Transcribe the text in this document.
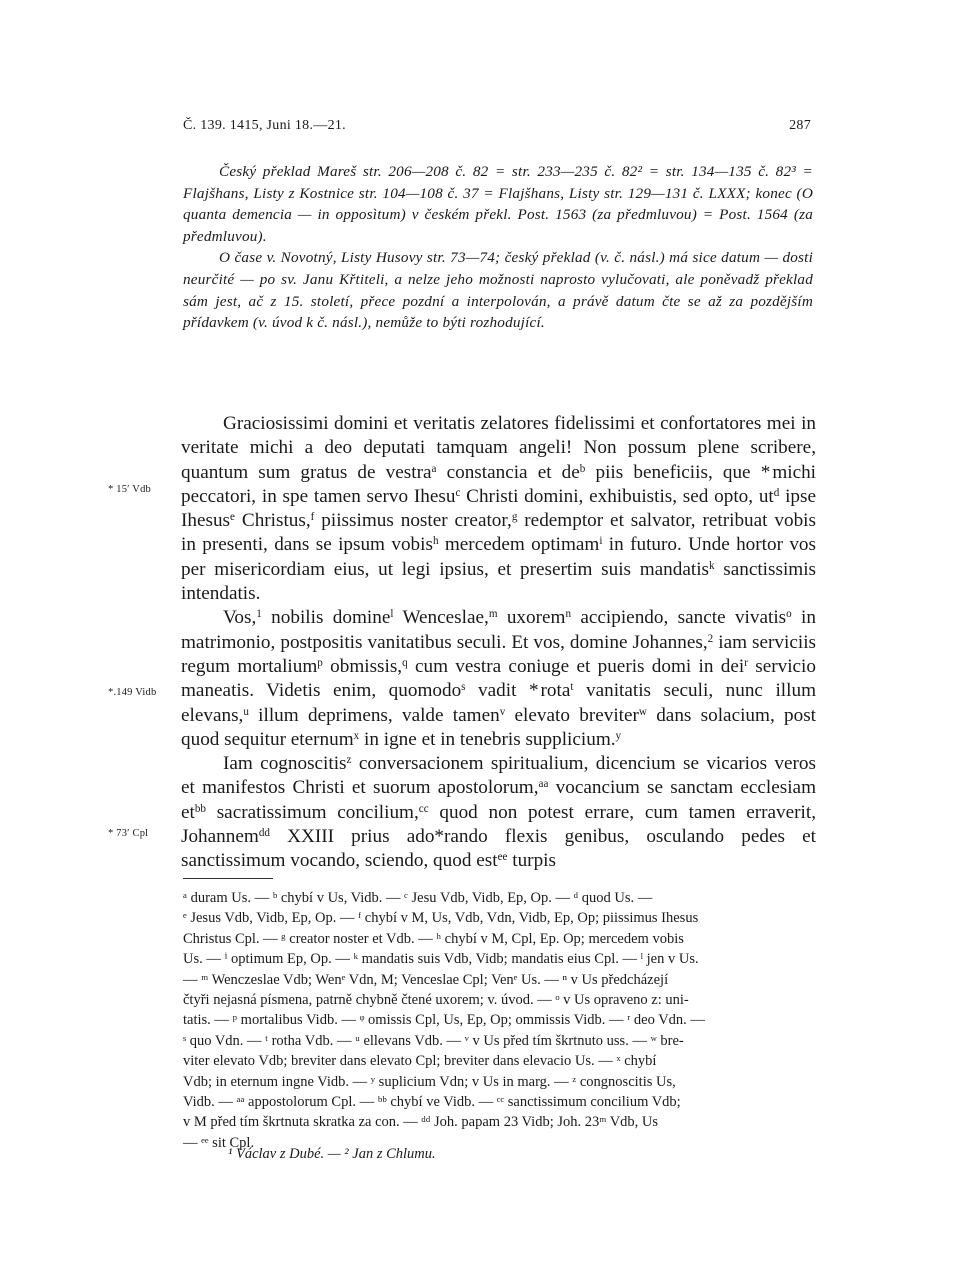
Č. 139. 1415, Juni 18.—21.	287

Český překlad Mareš str. 206—208 č. 82 = str. 233—235 č. 82² = str. 134—135 č. 82³ = Flajšhans, Listy z Kostnice str. 104—108 č. 37 = Flajšhans, Listy str. 129—131 č. LXXX; konec (O quanta demencia — in opposìtum) v českém překl. Post. 1563 (za předmluvou) = Post. 1564 (za předmluvou).

O čase v. Novotný, Listy Husovy str. 73—74; český překlad (v. č. násl.) má sice datum — dosti neurčité — po sv. Janu Křtiteli, a nelze jeho možnosti naprosto vylučovati, ale poněvadž překlad sám jest, ač z 15. století, přece pozdní a interpolován, a právě datum čte se až za pozdějším přídavkem (v. úvod k č. násl.), nemůže to býti rozhodující.

* 15′ Vdb
*.149 Vidb
* 73′ Cpl

Graciosissimi domini et veritatis zelatores fidelissimi et confortatores mei in veritate michi a deo deputati tamquam angeli! Non possum plene scribere, quantum sum gratus de vestra$^a$ constancia et $de^b$ piis beneficiis, que * michi peccatori, in spe tamen servo Ihesu$^c$ Christi domini, exhibuistis, sed opto, $ut^d$ ipse Ihesus$^e$ Christus,$^f$ piissimus noster creator,$^g$ redemptor et salvator, retribuat vobis in presenti, dans se ipsum vobis$^h$ mercedem optimam$^i$ in futuro. Unde hortor vos per misericordiam eius, ut legi ipsius, et presertim suis mandatis$^k$ sanctissimis intendatis.

Vos,$^1$ nobilis domine$^l$ Wenceslae,$^m$ uxorem$^n$ accipiendo, sancte vivatis$^o$ in matrimonio, postpositis vanitatibus seculi. Et vos, domine Johannes,$^2$ iam serviciis regum mortalium$^p$ obmissis,$^q$ cum vestra coniuge et pueris domi in dei$^r$ servicio maneatis. Videtis enim, quomodo$^s$ vadit * rota$^t$ vanitatis seculi, nunc illum elevans,$^u$ illum deprimens, valde tamen$^v$ elevato breviter$^w$ dans solacium, post quod sequitur eternum$^x$ in igne et in tenebris supplicium.$^y$

Iam cognoscitis$^z$ conversacionem spiritualium, dicencium se vicarios veros et manifestos Christi et suorum apostolorum,$^{aa}$ vocancium se sanctam ecclesiam $et^{bb}$ sacratissimum concilium,$^{cc}$ quod non potest errare, cum tamen erraverit, Johannem$^{dd}$ XXIII prius ado*rando flexis genibus, osculando pedes et sanctissimum vocando, sciendo, quod est$^{ee}$ turpis

ᵃ duram Us. — ᵇ chybí v Us, Vidb. — ᶜ Jesu Vdb, Vidb, Ep, Op. — ᵈ quod Us. —

ᵉ Jesus Vdb, Vidb, Ep, Op. — ᶠ chybí v M, Us, Vdb, Vdn, Vidb, Ep, Op; piissimus Ihesus

Christus Cpl. — ᵍ creator noster et Vdb. — ʰ chybí v M, Cpl, Ep. Op; mercedem vobis

Us. — ⁱ optimum Ep, Op. — ᵏ mandatis suis Vdb, Vidb; mandatis eius Cpl. — ˡ jen v Us.

— ᵐ Wenczeslae Vdb; Wenᵉ Vdn, M; Venceslae Cpl; Venᵉ Us. — ⁿ v Us předcházejí

čtyři nejasná písmena, patrně chybně čtené uxorem; v. úvod. — ᵒ v Us opraveno z: uni-

tatis. — ᵖ mortalibus Vidb. — ᵠ omissis Cpl, Us, Ep, Op; ommissis Vidb. — ʳ deo Vdn. —

ˢ quo Vdn. — ᵗ rotha Vdb. — ᵘ ellevans Vdb. — ᵛ v Us před tím škrtnuto uss. — ʷ bre-

viter elevato Vdb; breviter dans elevato Cpl; breviter dans elevacio Us. — ˣ chybí

Vdb; in eternum ingne Vidb. — ʸ suplicium Vdn; v Us in marg. — ᶻ congnoscitis Us,

Vidb. — ᵃᵃ appostolorum Cpl. — ᵇᵇ chybí ve Vidb. — ᶜᶜ sanctissimum concilium Vdb;

v M před tím škrtnuta skratka za con. — ᵈᵈ Joh. papam 23 Vidb; Joh. 23ᵐ Vdb, Us

— ᵉᵉ sit Cpl.

¹ Václav z Dubé. — ² Jan z Chlumu.
